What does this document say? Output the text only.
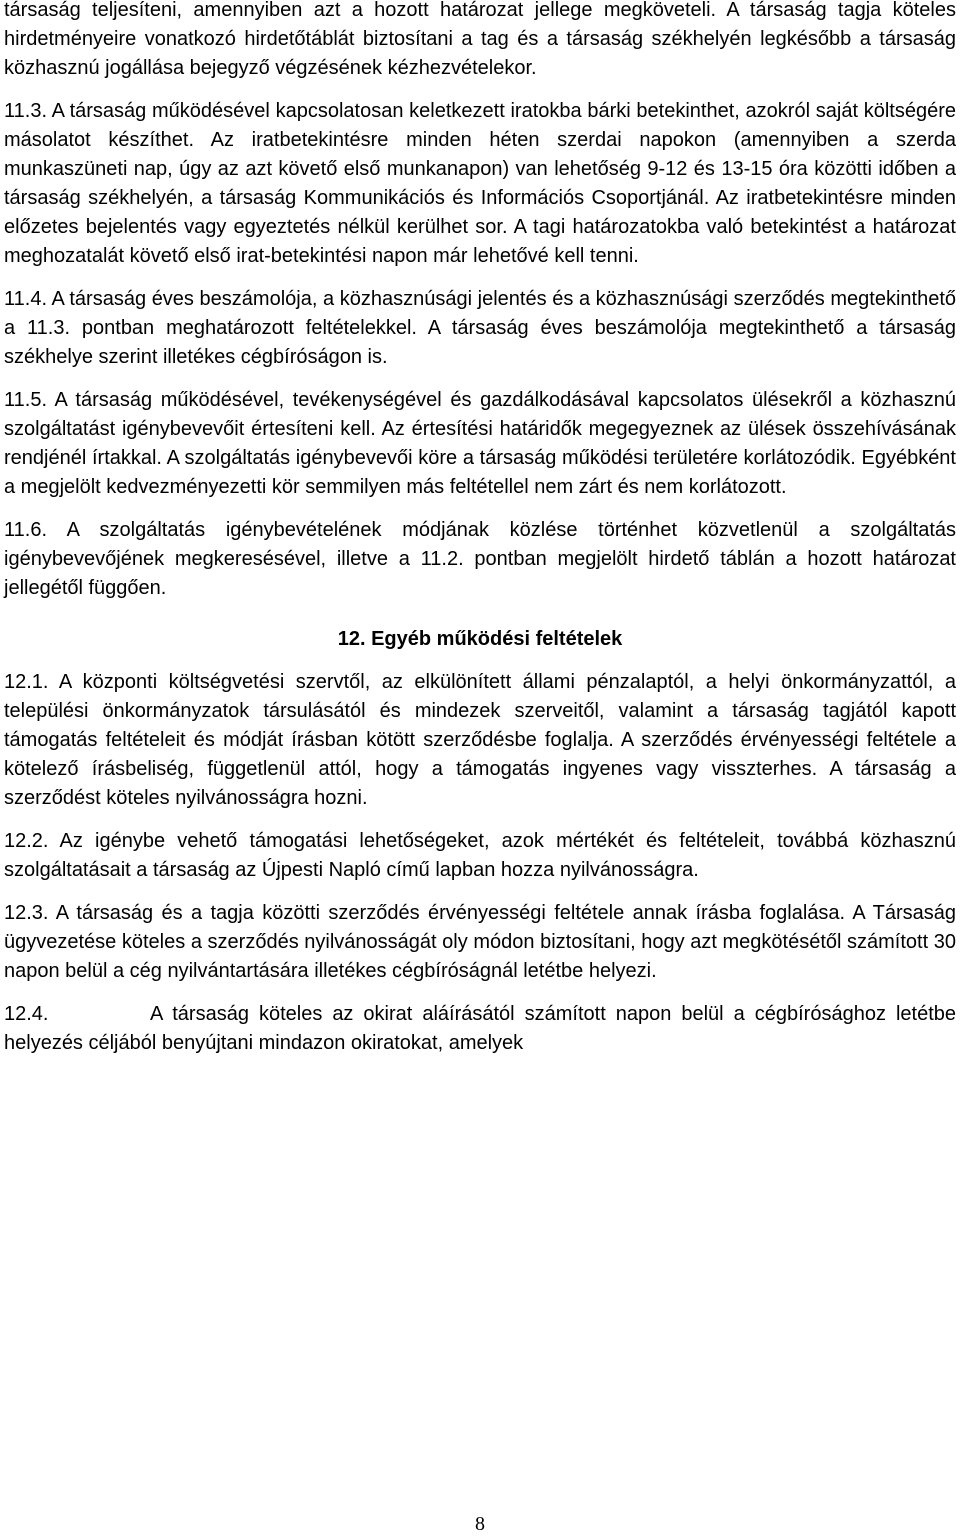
társaság teljesíteni, amennyiben azt a hozott határozat jellege megköveteli. A társaság tagja köteles hirdetményeire vonatkozó hirdetőtáblát biztosítani a tag és a társaság székhelyén legkésőbb a társaság közhasznú jogállása bejegyző végzésének kézhezvételekor.

11.3. A társaság működésével kapcsolatosan keletkezett iratokba bárki betekinthet, azokról saját költségére másolatot készíthet. Az iratbetekintésre minden héten szerdai napokon (amennyiben a szerda munkaszüneti nap, úgy az azt követő első munkanapon) van lehetőség 9-12 és 13-15 óra közötti időben a társaság székhelyén, a társaság Kommunikációs és Információs Csoportjánál. Az iratbetekintésre minden előzetes bejelentés vagy egyeztetés nélkül kerülhet sor. A tagi határozatokba való betekintést a határozat meghozatalát követő első irat-betekintési napon már lehetővé kell tenni.

11.4. A társaság éves beszámolója, a közhasznúsági jelentés és a közhasznúsági szerződés megtekinthető a 11.3. pontban meghatározott feltételekkel. A társaság éves beszámolója megtekinthető a társaság székhelye szerint illetékes cégbíróságon is.

11.5. A társaság működésével, tevékenységével és gazdálkodásával kapcsolatos ülésekről a közhasznú szolgáltatást igénybevevőit értesíteni kell. Az értesítési határidők megegyeznek az ülések összehívásának rendjénél írtakkal. A szolgáltatás igénybevevői köre a társaság működési területére korlátozódik. Egyébként a megjelölt kedvezményezetti kör semmilyen más feltétellel nem zárt és nem korlátozott.

11.6. A szolgáltatás igénybevételének módjának közlése történhet közvetlenül a szolgáltatás igénybevevőjének megkeresésével, illetve a 11.2. pontban megjelölt hirdető táblán a hozott határozat jellegétől függően.

12. Egyéb működési feltételek

12.1. A központi költségvetési szervtől, az elkülönített állami pénzalaptól, a helyi önkormányzattól, a települési önkormányzatok társulásától és mindezek szerveitől, valamint a társaság tagjától kapott támogatás feltételeit és módját írásban kötött szerződésbe foglalja. A szerződés érvényességi feltétele a kötelező írásbeliség, függetlenül attól, hogy a támogatás ingyenes vagy visszterhes. A társaság a szerződést köteles nyilvánosságra hozni.

12.2. Az igénybe vehető támogatási lehetőségeket, azok mértékét és feltételeit, továbbá közhasznú szolgáltatásait a társaság az Újpesti Napló című lapban hozza nyilvánosságra.

12.3. A társaság és a tagja közötti szerződés érvényességi feltétele annak írásba foglalása. A Társaság ügyvezetése köteles a szerződés nyilvánosságát oly módon biztosítani, hogy azt megkötésétől számított 30 napon belül a cég nyilvántartására illetékes cégbíróságnál letétbe helyezi.

12.4.	A társaság köteles az okirat aláírásától számított napon belül a cégbírósághoz letétbe helyezés céljából benyújtani mindazon okiratokat, amelyek

8
